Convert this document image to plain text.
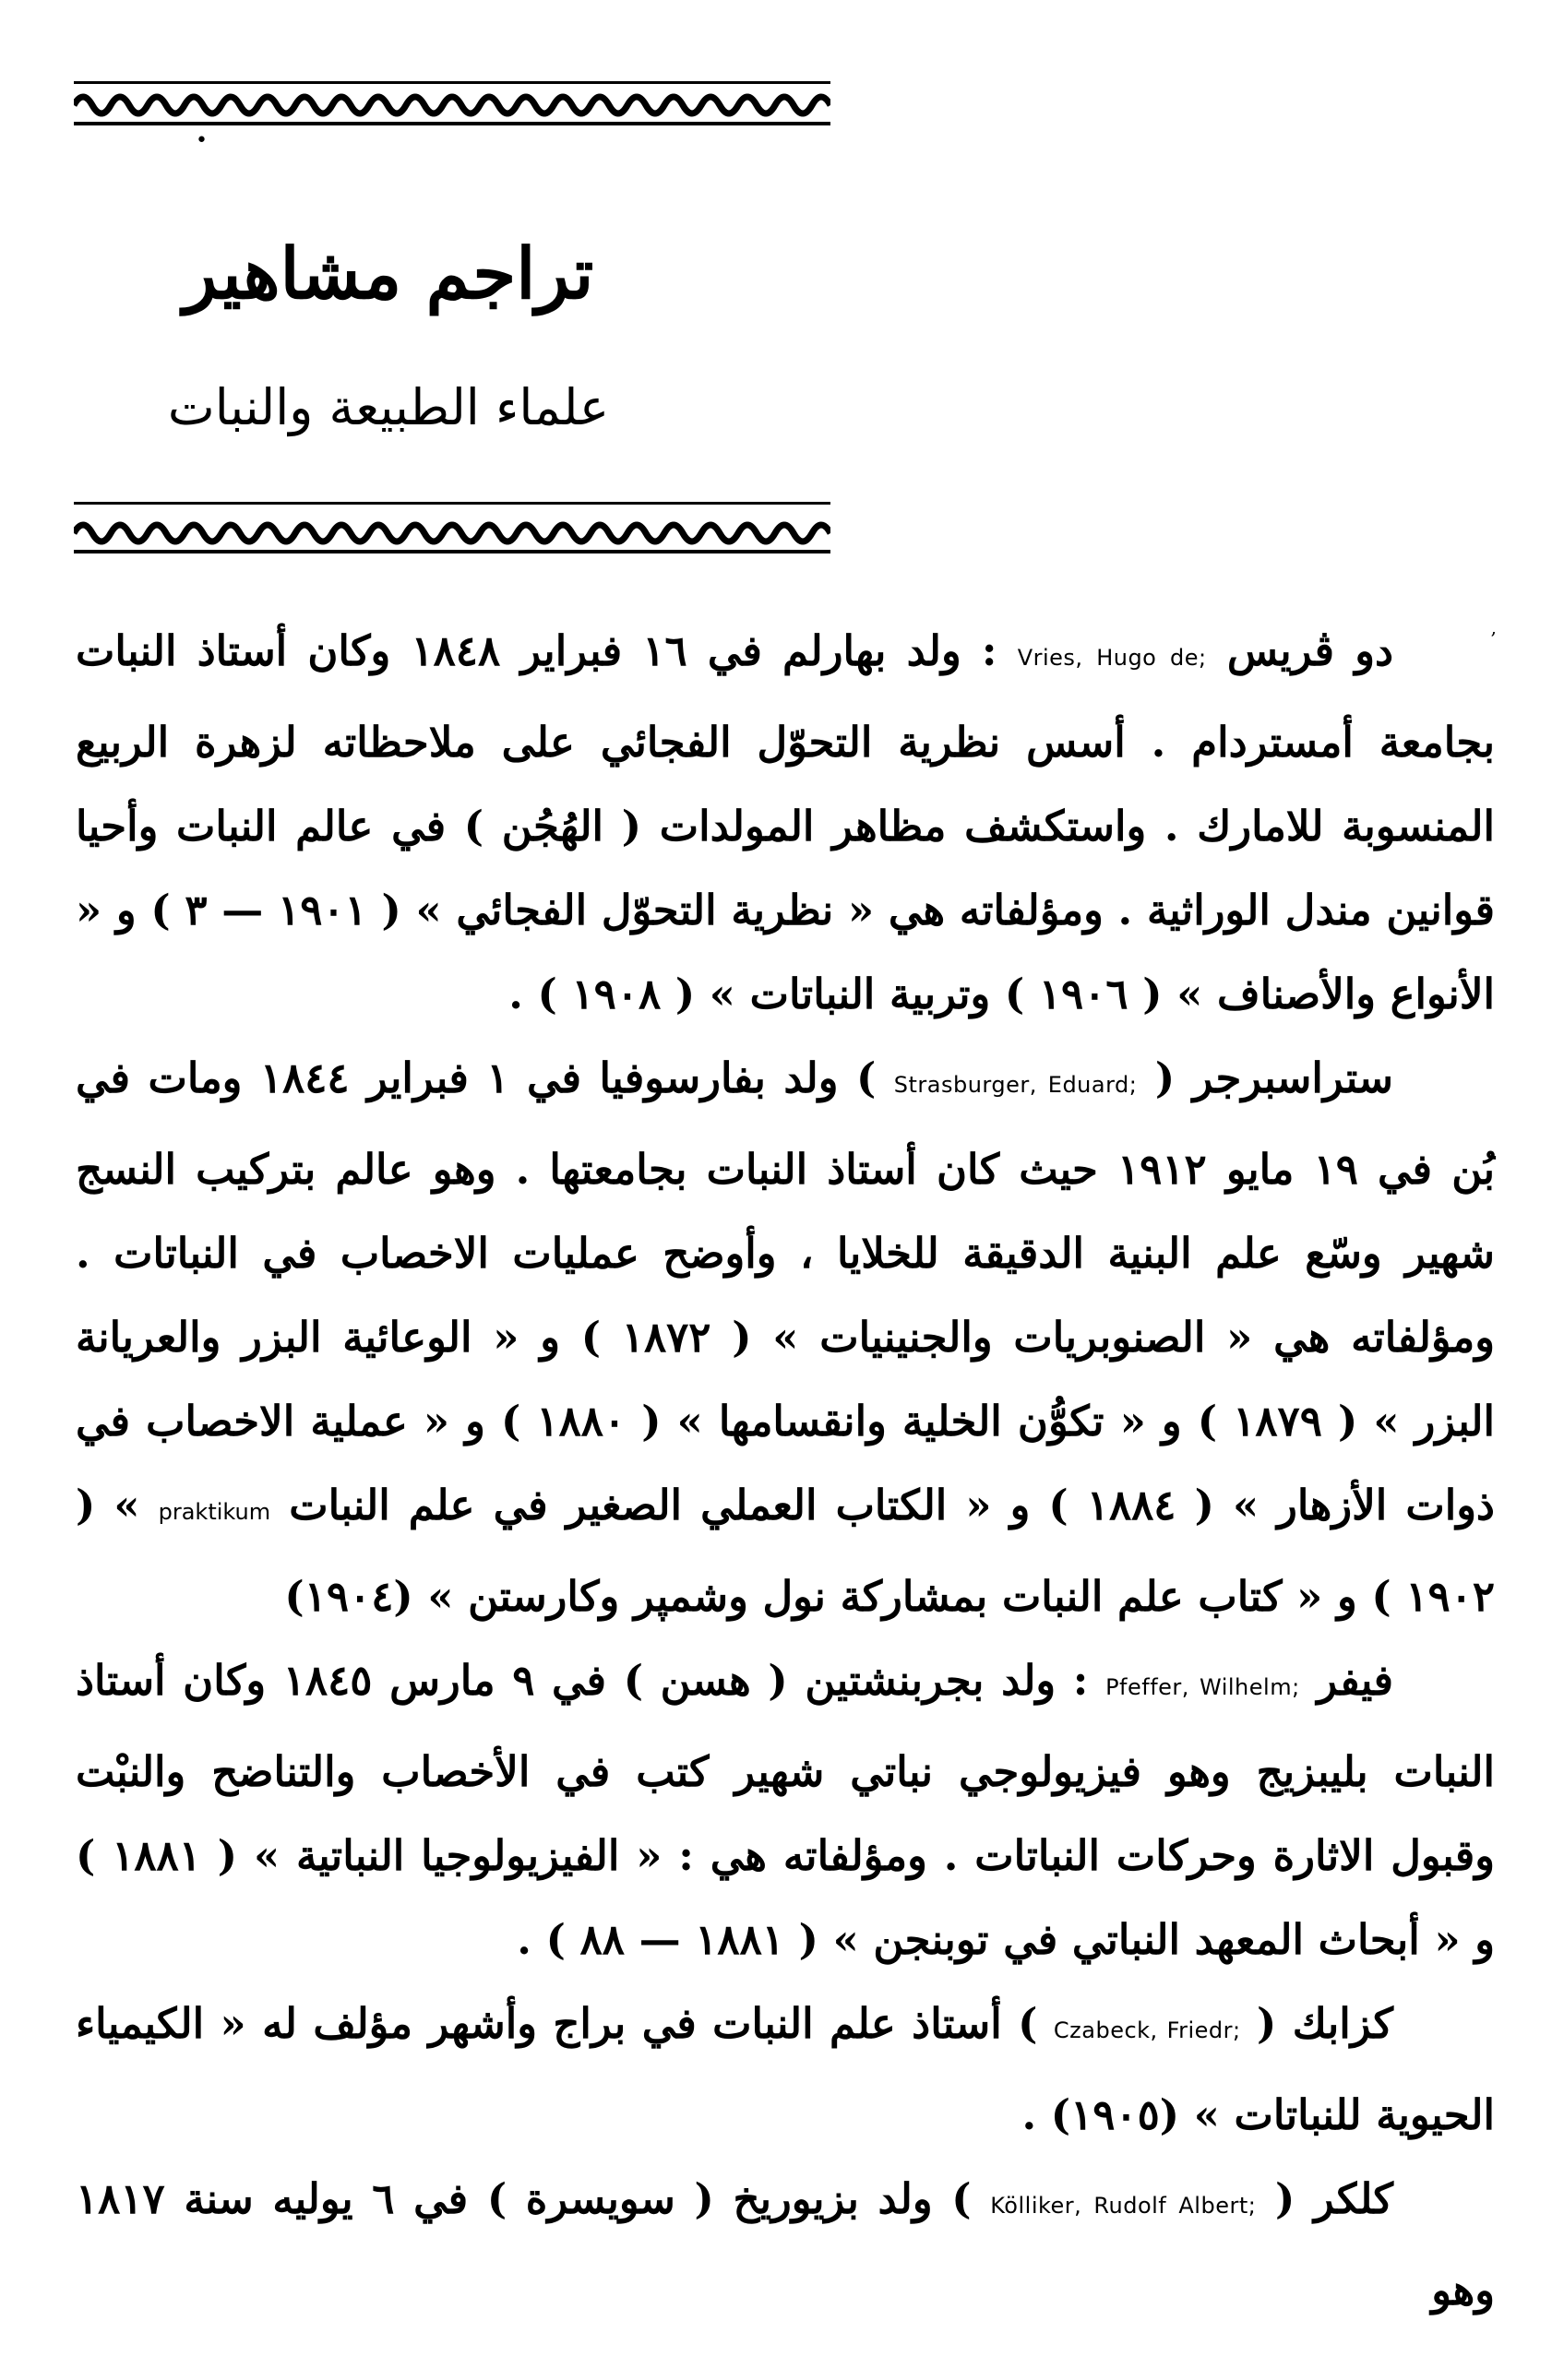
•
تراجم مشاهير
علماء الطبيعة والنبات
,

دو ڤريس Vries, Hugo de; : ولد بهارلم في ١٦ فبراير ١٨٤٨ وكان أستاذ النبات بجامعة أمستردام . أسس نظرية التحوّل الفجائي على ملاحظاته لزهرة الربيع المنسوبة للامارك . واستكشف مظاهر المولدات ( الهُجُن ) في عالم النبات وأحيا قوانين مندل الوراثية . ومؤلفاته هي « نظرية التحوّل الفجائي » ( ١٩٠١ — ٣ ) و « الأنواع والأصناف » ( ١٩٠٦ ) وتربية النباتات » ( ١٩٠٨ ) .

ستراسبرجر ( Strasburger, Eduard; ) ولد بفارسوفيا في ١ فبراير ١٨٤٤ ومات في بُن في ١٩ مايو ١٩١٢ حيث كان أستاذ النبات بجامعتها . وهو عالم بتركيب النسج شهير وسّع علم البنية الدقيقة للخلايا ، وأوضح عمليات الاخصاب في النباتات . ومؤلفاته هي « الصنوبريات والجنينيات » ( ١٨٧٢ ) و « الوعائية البزر والعريانة البزر » ( ١٨٧٩ ) و « تكوُّن الخلية وانقسامها » ( ١٨٨٠ ) و « عملية الاخصاب في ذوات الأزهار » ( ١٨٨٤ ) و « الكتاب العملي الصغير في علم النبات praktikum » ( ١٩٠٢ ) و « كتاب علم النبات بمشاركة نول وشمپر وكارستن » (١٩٠٤)

فيفر Pfeffer, Wilhelm; : ولد بجربنشتين ( هسن ) في ٩ مارس ١٨٤٥ وكان أستاذ النبات بليبزيج وهو فيزيولوجي نباتي شهير كتب في الأخصاب والتناضح والنبْت وقبول الاثارة وحركات النباتات . ومؤلفاته هي : « الفيزيولوجيا النباتية » ( ١٨٨١ ) و « أبحاث المعهد النباتي في توبنجن » ( ١٨٨١ — ٨٨ ) .

كزابك ( Czabeck, Friedr; ) أستاذ علم النبات في براج وأشهر مؤلف له « الكيمياء الحيوية للنباتات » (١٩٠٥) .

كلكر ( Kölliker, Rudolf Albert; ) ولد بزيوريخ ( سويسرة ) في ٦ يوليه سنة ١٨١٧ وهو
